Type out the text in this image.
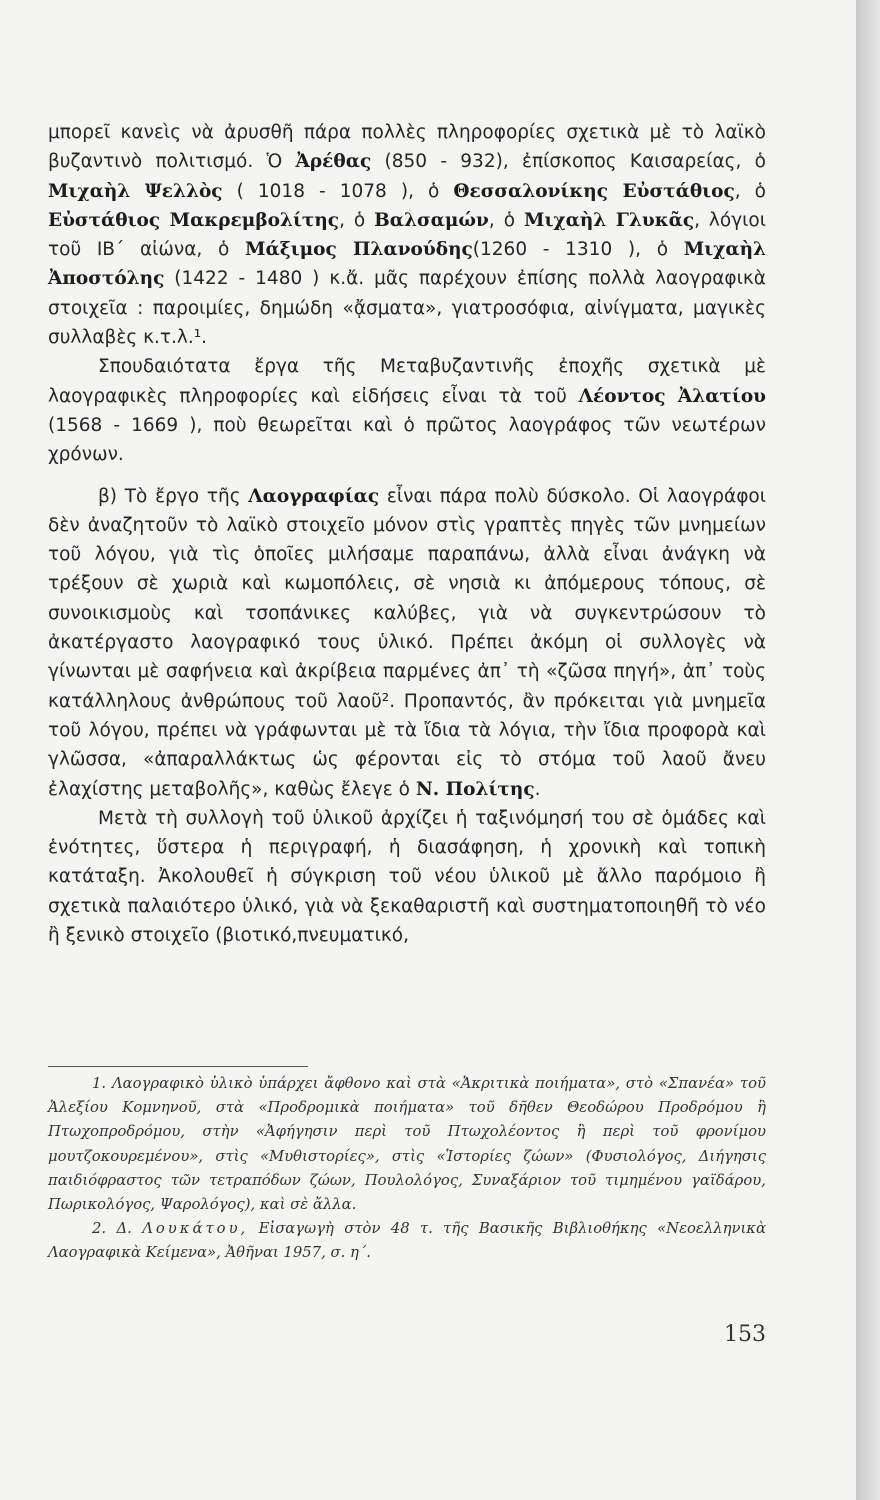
μπορεῖ κανεὶς νὰ ἀρυσθῆ πάρα πολλὲς πληροφορίες σχετικὰ μὲ τὸ λαϊκὸ βυζαντινὸ πολιτισμό. Ὁ Ἀρέθας (850 - 932), ἐπίσκοπος Καισαρείας, ὁ Μιχαὴλ Ψελλὸς ( 1018 - 1078 ), ὁ Θεσσαλονίκης Εὐστάθιος, ὁ Εὐστάθιος Μακρεμβολίτης, ὁ Βαλσαμών, ὁ Μιχαὴλ Γλυκᾶς, λόγιοι τοῦ ΙΒ΄ αἰώνα, ὁ Μάξιμος Πλανούδης(1260 - 1310 ), ὁ Μιχαὴλ Ἀποστόλης (1422 - 1480 ) κ.ἄ. μᾶς παρέχουν ἐπίσης πολλὰ λαογραφικὰ στοιχεῖα : παροιμίες, δημώδη «ᾄσματα», γιατροσόφια, αἰνίγματα, μαγικὲς συλλαβὲς κ.τ.λ.¹.

Σπουδαιότατα ἔργα τῆς Μεταβυζαντινῆς ἐποχῆς σχετικὰ μὲ λαογραφικὲς πληροφορίες καὶ εἰδήσεις εἶναι τὰ τοῦ Λέοντος Ἀλατίου (1568 - 1669 ), ποὺ θεωρεῖται καὶ ὁ πρῶτος λαογράφος τῶν νεωτέρων χρόνων.

β) Τὸ ἔργο τῆς Λαογραφίας εἶναι πάρα πολὺ δύσκολο. Οἱ λαογράφοι δὲν ἀναζητοῦν τὸ λαϊκὸ στοιχεῖο μόνον στὶς γραπτὲς πηγὲς τῶν μνημείων τοῦ λόγου, γιὰ τὶς ὁποῖες μιλήσαμε παραπάνω, ἀλλὰ εἶναι ἀνάγκη νὰ τρέξουν σὲ χωριὰ καὶ κωμοπόλεις, σὲ νησιὰ κι ἀπόμερους τόπους, σὲ συνοικισμοὺς καὶ τσοπάνικες καλύβες, γιὰ νὰ συγκεντρώσουν τὸ ἀκατέργαστο λαογραφικό τους ὑλικό. Πρέπει ἀκόμη οἱ συλλογὲς νὰ γίνωνται μὲ σαφήνεια καὶ ἀκρίβεια παρμένες ἀπ᾽ τὴ «ζῶσα πηγή», ἀπ᾽ τοὺς κατάλληλους ἀνθρώπους τοῦ λαοῦ². Προπαντός, ἂν πρόκειται γιὰ μνημεῖα τοῦ λόγου, πρέπει νὰ γράφωνται μὲ τὰ ἴδια τὰ λόγια, τὴν ἴδια προφορὰ καὶ γλῶσσα, «ἀπαραλλάκτως ὡς φέρονται εἰς τὸ στόμα τοῦ λαοῦ ἄνευ ἐλαχίστης μεταβολῆς», καθὼς ἔλεγε ὁ Ν. Πολίτης.

Μετὰ τὴ συλλογὴ τοῦ ὑλικοῦ ἀρχίζει ἡ ταξινόμησή του σὲ ὁμάδες καὶ ἑνότητες, ὕστερα ἡ περιγραφή, ἡ διασάφηση, ἡ χρονικὴ καὶ τοπικὴ κατάταξη. Ἀκολουθεῖ ἡ σύγκριση τοῦ νέου ὑλικοῦ μὲ ἄλλο παρόμοιο ἢ σχετικὰ παλαιότερο ὑλικό, γιὰ νὰ ξεκαθαριστῆ καὶ συστηματοποιηθῆ τὸ νέο ἢ ξενικὸ στοιχεῖο (βιοτικό,πνευματικό,

1. Λαογραφικὸ ὑλικὸ ὑπάρχει ἄφθονο καὶ στὰ «Ἀκριτικὰ ποιήματα», στὸ «Σπανέα» τοῦ Ἀλεξίου Κομνηνοῦ, στὰ «Προδρομικὰ ποιήματα» τοῦ δῆθεν Θεοδώρου Προδρόμου ἢ Πτωχοπροδρόμου, στὴν «Ἀφήγησιν περὶ τοῦ Πτωχολέοντος ἢ περὶ τοῦ φρονίμου μουτζοκουρεμένου», στὶς «Μυθιστορίες», στὶς «Ἱστορίες ζώων» (Φυσιολόγος, Διήγησις παιδιόφραστος τῶν τετραπόδων ζώων, Πουλολόγος, Συναξάριον τοῦ τιμημένου γαϊδάρου, Πωρικολόγος, Ψαρολόγος), καὶ σὲ ἄλλα.

2. Δ. Λουκάτου, Εἰσαγωγὴ στὸν 48 τ. τῆς Βασικῆς Βιβλιοθήκης «Νεοελληνικὰ Λαογραφικὰ Κείμενα», Ἀθῆναι 1957, σ. η΄.

153
